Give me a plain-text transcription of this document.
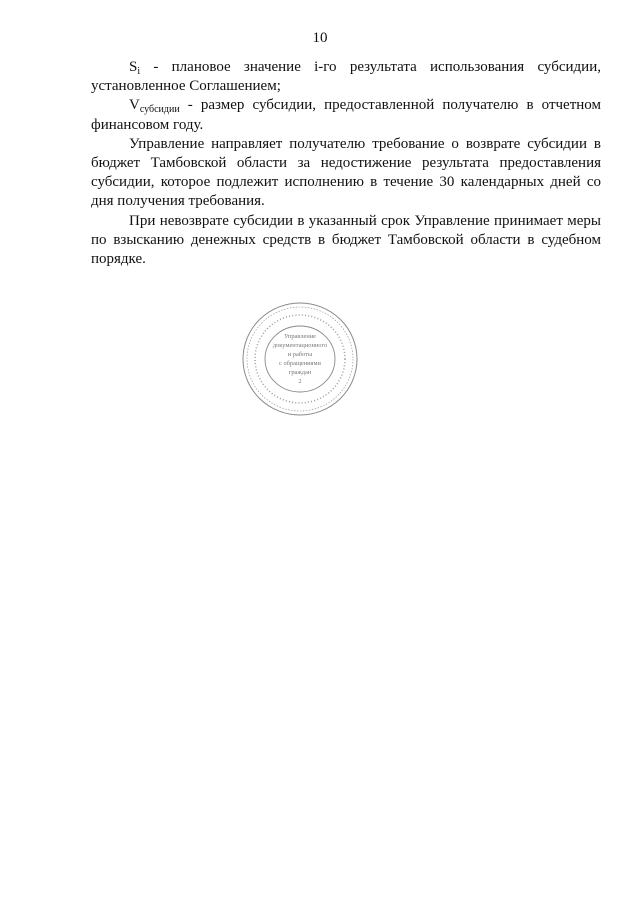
10

$S_i$ - плановое значение i-го результата использования субсидии, установленное Соглашением;

$V_{субсидии}$ - размер субсидии, предоставленной получателю в отчетном финансовом году.

Управление направляет получателю требование о возврате субсидии в бюджет Тамбовской области за недостижение результата предоставления субсидии, которое подлежит исполнению в течение 30 календарных дней со дня получения требования.

При невозврате субсидии в указанный срок Управление принимает меры по взысканию денежных средств в бюджет Тамбовской области в судебном порядке.

Управление
документационного
и работы
с обращениями
граждан
2
